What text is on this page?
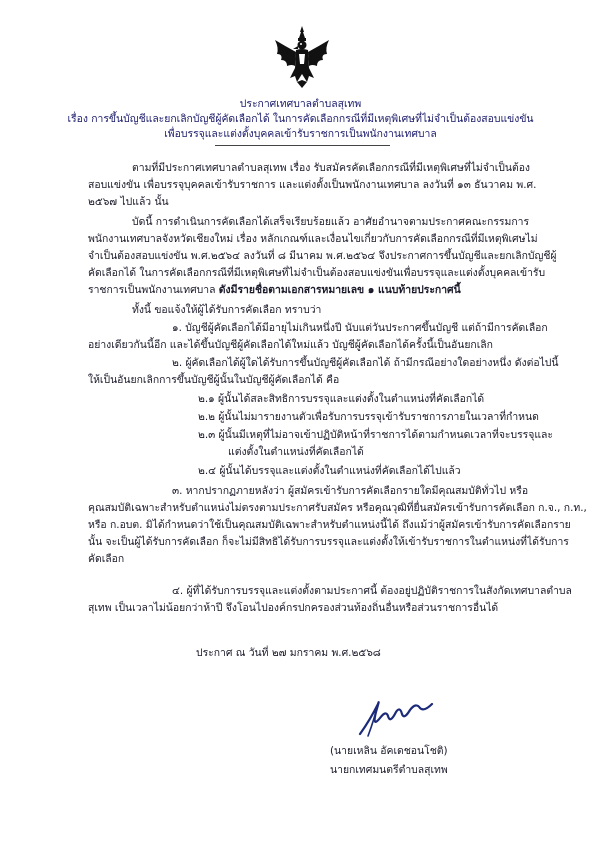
ประกาศเทศบาลตำบลสุเทพ
เรื่อง การขึ้นบัญชีและยกเลิกบัญชีผู้คัดเลือกได้ ในการคัดเลือกกรณีที่มีเหตุพิเศษที่ไม่จำเป็นต้องสอบแข่งขัน
เพื่อบรรจุและแต่งตั้งบุคคลเข้ารับราชการเป็นพนักงานเทศบาล
ตามที่มีประกาศเทศบาลตำบลสุเทพ เรื่อง รับสมัครคัดเลือกกรณีที่มีเหตุพิเศษที่ไม่จำเป็นต้อง
สอบแข่งขัน เพื่อบรรจุบุคคลเข้ารับราชการ และแต่งตั้งเป็นพนักงานเทศบาล ลงวันที่ ๑๓ ธันวาคม พ.ศ.
๒๕๖๗ ไปแล้ว นั้น
บัดนี้ การดำเนินการคัดเลือกได้เสร็จเรียบร้อยแล้ว อาศัยอำนาจตามประกาศคณะกรรมการ
พนักงานเทศบาลจังหวัดเชียงใหม่ เรื่อง หลักเกณฑ์และเงื่อนไขเกี่ยวกับการคัดเลือกกรณีที่มีเหตุพิเศษไม่
จำเป็นต้องสอบแข่งขัน พ.ศ.๒๕๖๔ ลงวันที่ ๘ มีนาคม พ.ศ.๒๕๖๔ จึงประกาศการขึ้นบัญชีและยกเลิกบัญชีผู้
คัดเลือกได้ ในการคัดเลือกกรณีที่มีเหตุพิเศษที่ไม่จำเป็นต้องสอบแข่งขันเพื่อบรรจุและแต่งตั้งบุคคลเข้ารับ
ราชการเป็นพนักงานเทศบาล ดังมีรายชื่อตามเอกสารหมายเลข ๑ แนบท้ายประกาศนี้
ทั้งนี้ ขอแจ้งให้ผู้ได้รับการคัดเลือก ทราบว่า
๑. บัญชีผู้คัดเลือกได้มีอายุไม่เกินหนึ่งปี นับแต่วันประกาศขึ้นบัญชี แต่ถ้ามีการคัดเลือก
อย่างเดียวกันนี้อีก และได้ขึ้นบัญชีผู้คัดเลือกได้ใหม่แล้ว บัญชีผู้คัดเลือกได้ครั้งนี้เป็นอันยกเลิก
๒. ผู้คัดเลือกได้ผู้ใดได้รับการขึ้นบัญชีผู้คัดเลือกได้ ถ้ามีกรณีอย่างใดอย่างหนึ่ง ดังต่อไปนี้
ให้เป็นอันยกเลิกการขึ้นบัญชีผู้นั้นในบัญชีผู้คัดเลือกได้ คือ
๒.๑ ผู้นั้นได้สละสิทธิการบรรจุและแต่งตั้งในตำแหน่งที่คัดเลือกได้
๒.๒ ผู้นั้นไม่มารายงานตัวเพื่อรับการบรรจุเข้ารับราชการภายในเวลาที่กำหนด
๒.๓ ผู้นั้นมีเหตุที่ไม่อาจเข้าปฏิบัติหน้าที่ราชการได้ตามกำหนดเวลาที่จะบรรจุและ
แต่งตั้งในตำแหน่งที่คัดเลือกได้
๒.๔ ผู้นั้นได้บรรจุและแต่งตั้งในตำแหน่งที่คัดเลือกได้ไปแล้ว
๓. หากปรากฏภายหลังว่า ผู้สมัครเข้ารับการคัดเลือกรายใดมีคุณสมบัติทั่วไป หรือ
คุณสมบัติเฉพาะสำหรับตำแหน่งไม่ตรงตามประกาศรับสมัคร หรือคุณวุฒิที่ยื่นสมัครเข้ารับการคัดเลือก ก.จ., ก.ท.,
หรือ ก.อบต. มิได้กำหนดว่าใช้เป็นคุณสมบัติเฉพาะสำหรับตำแหน่งนี้ได้ ถึงแม้ว่าผู้สมัครเข้ารับการคัดเลือกราย
นั้น จะเป็นผู้ได้รับการคัดเลือก ก็จะไม่มีสิทธิได้รับการบรรจุและแต่งตั้งให้เข้ารับราชการในตำแหน่งที่ได้รับการ
คัดเลือก
๔. ผู้ที่ได้รับการบรรจุและแต่งตั้งตามประกาศนี้ ต้องอยู่ปฏิบัติราชการในสังกัดเทศบาลตำบล
สุเทพ เป็นเวลาไม่น้อยกว่าห้าปี จึงโอนไปองค์กรปกครองส่วนท้องถิ่นอื่นหรือส่วนราชการอื่นได้
ประกาศ ณ วันที่ ๒๗ มกราคม พ.ศ.๒๕๖๘
(นายเหลิน อัคเดชอนโชติ)
นายกเทศมนตรีตำบลสุเทพ
